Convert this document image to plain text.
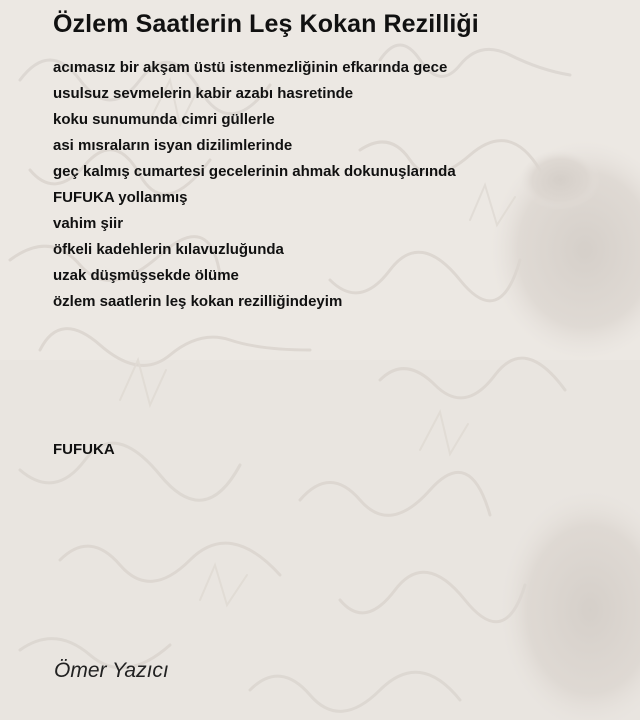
Özlem Saatlerin Leş Kokan Rezilliği
acımasız bir akşam üstü istenmezliğinin efkarında gece
usulsuz sevmelerin kabir azabı hasretinde
koku sunumunda cimri güllerle
asi mısraların isyan dizilimlerinde
geç kalmış cumartesi gecelerinin ahmak dokunuşlarında
FUFUKA yollanmış
vahim şiir
öfkeli kadehlerin kılavuzluğunda
uzak düşmüşsekde ölüme
özlem saatlerin leş kokan rezilliğindeyim
FUFUKA
Ömer Yazıcı
